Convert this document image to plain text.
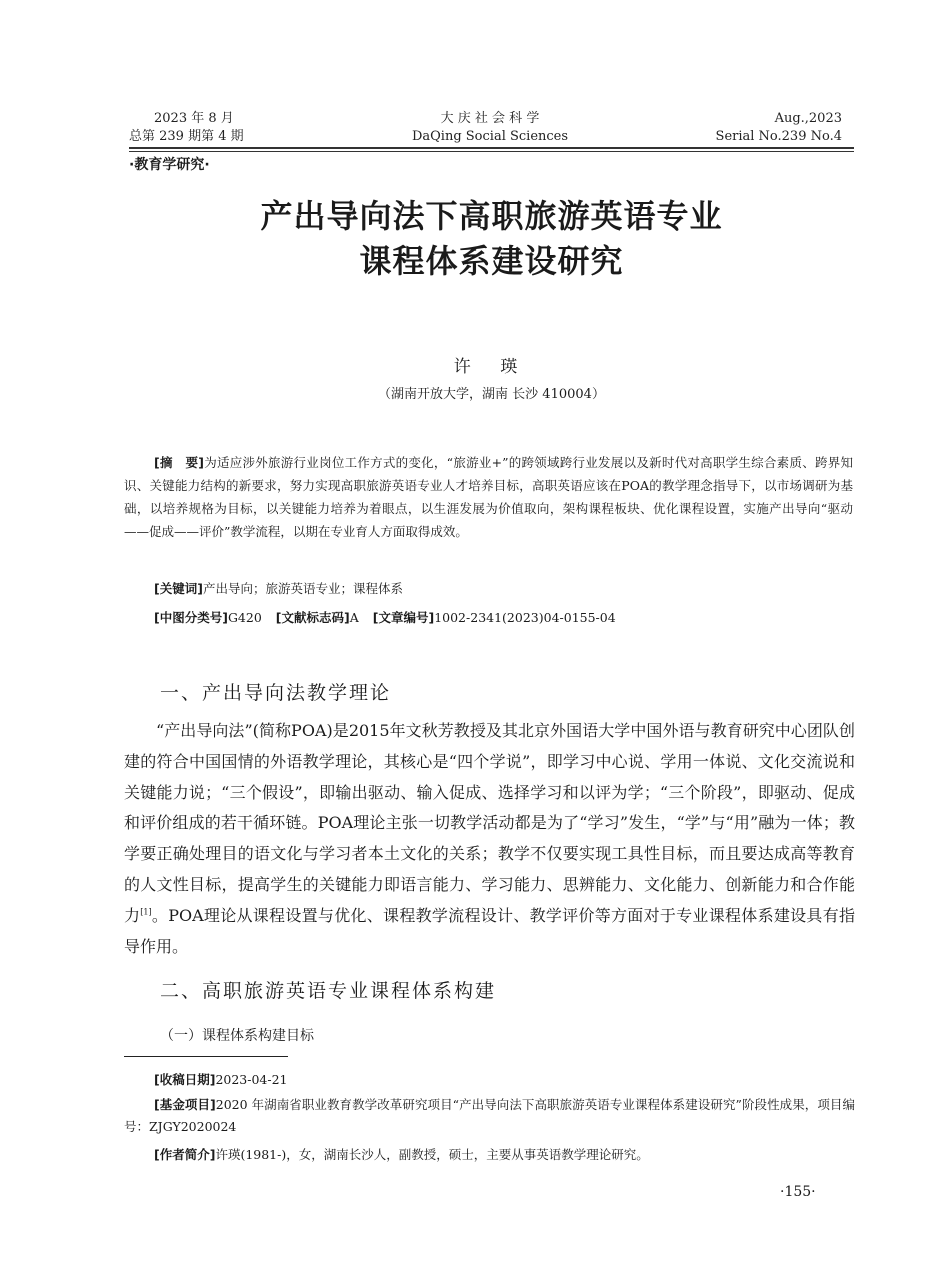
2023 年 8 月
总第 239 期第 4 期
大 庆 社 会 科 学
DaQing Social Sciences
Aug.,2023
Serial No.239 No.4
·教育学研究·
产出导向法下高职旅游英语专业
课程体系建设研究
许 瑛
（湖南开放大学，湖南 长沙 410004）
[摘　要]为适应涉外旅游行业岗位工作方式的变化，“旅游业+”的跨领域跨行业发展以及新时代对高职学生综合素质、跨界知识、关键能力结构的新要求，努力实现高职旅游英语专业人才培养目标，高职英语应该在POA的教学理念指导下，以市场调研为基础，以培养规格为目标，以关键能力培养为着眼点，以生涯发展为价值取向，架构课程板块、优化课程设置，实施产出导向“驱动——促成——评价”教学流程，以期在专业育人方面取得成效。
[关键词]产出导向；旅游英语专业；课程体系
[中图分类号]G420 [文献标志码]A [文章编号]1002-2341(2023)04-0155-04
一、产出导向法教学理论
“产出导向法”(简称POA)是2015年文秋芳教授及其北京外国语大学中国外语与教育研究中心团队创建的符合中国国情的外语教学理论，其核心是“四个学说”，即学习中心说、学用一体说、文化交流说和关键能力说；“三个假设”，即输出驱动、输入促成、选择学习和以评为学；“三个阶段”，即驱动、促成和评价组成的若干循环链。POA理论主张一切教学活动都是为了“学习”发生，“学”与“用”融为一体；教学要正确处理目的语文化与学习者本土文化的关系；教学不仅要实现工具性目标，而且要达成高等教育的人文性目标，提高学生的关键能力即语言能力、学习能力、思辨能力、文化能力、创新能力和合作能力[1]。POA理论从课程设置与优化、课程教学流程设计、教学评价等方面对于专业课程体系建设具有指导作用。
二、高职旅游英语专业课程体系构建
（一）课程体系构建目标
[收稿日期]2023-04-21
[基金项目]2020 年湖南省职业教育教学改革研究项目“产出导向法下高职旅游英语专业课程体系建设研究”阶段性成果，项目编号：ZJGY2020024
[作者简介]许瑛(1981-)，女，湖南长沙人，副教授，硕士，主要从事英语教学理论研究。
·155·
